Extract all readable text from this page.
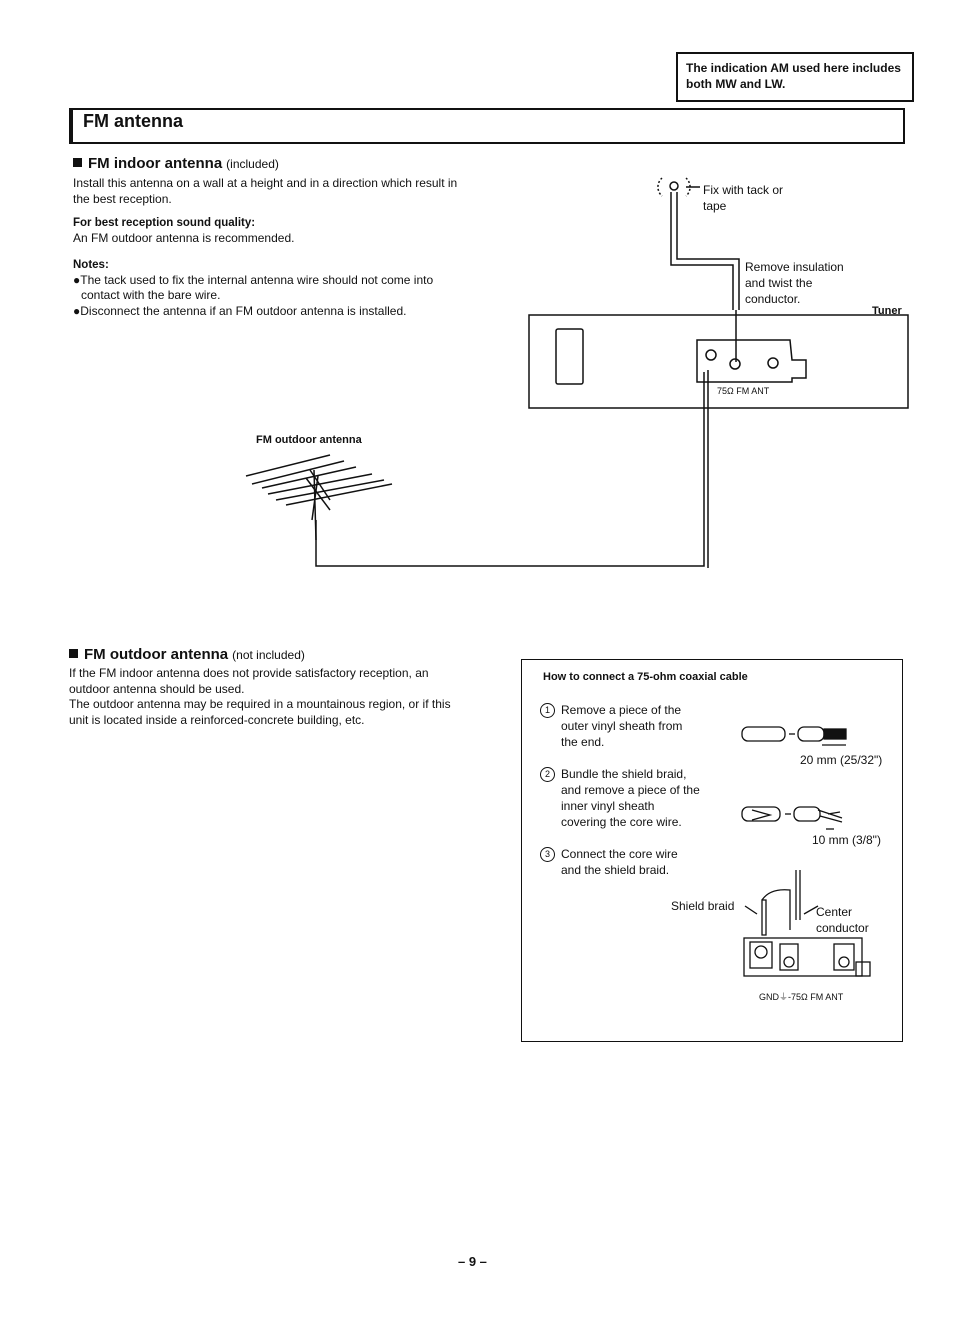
The indication AM used here includes both MW and LW.
FM antenna
FM indoor antenna (included)

Install this antenna on a wall at a height and in a direction which result in the best reception.

For best reception sound quality:

An FM outdoor antenna is recommended.

Notes:

●The tack used to fix the internal antenna wire should not come into contact with the bare wire.
●Disconnect the antenna if an FM outdoor antenna is installed.
Fix with tack or tape
Remove insulation and twist the conductor.
Tuner
75Ω FM ANT
FM outdoor antenna
FM outdoor antenna (not included)

If the FM indoor antenna does not provide satisfactory reception, an outdoor antenna should be used.

The outdoor antenna may be required in a mountainous region, or if this unit is located inside a reinforced-concrete building, etc.

How to connect a 75-ohm coaxial cable
1 Remove a piece of the outer vinyl sheath from the end.
2 Bundle the shield braid, and remove a piece of the inner vinyl sheath covering the core wire.
3 Connect the core wire and the shield braid.
20 mm (25/32")
10 mm (3/8")
Shield braid	Center conductor
GND⏚-75Ω FM ANT
– 9 –
